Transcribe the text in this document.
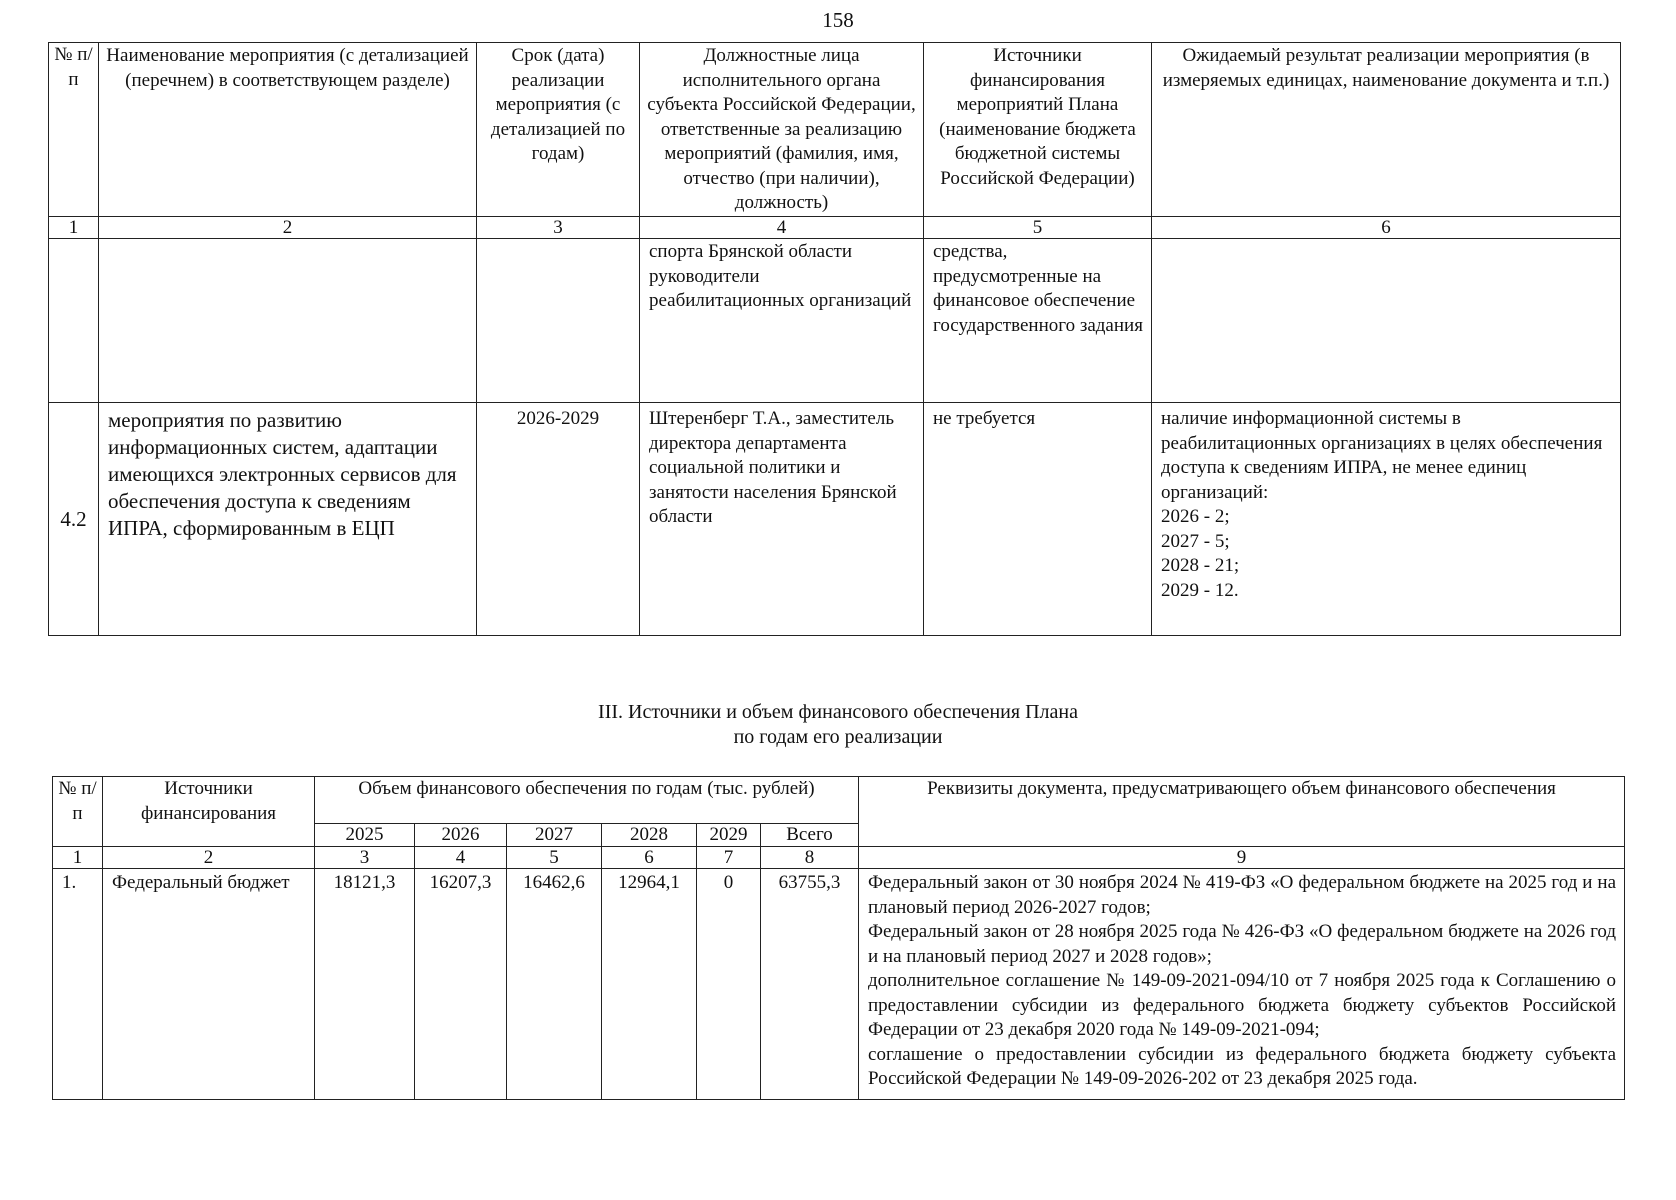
158
№ п/п	Наименование мероприятия (с детализацией (перечнем) в соответствующем разделе)	Срок (дата) реализации мероприятия (с детализацией по годам)	Должностные лица исполнительного органа субъекта Российской Федерации, ответственные за реализацию мероприятий (фамилия, имя, отчество (при наличии), должность)	Источники финансирования мероприятий Плана (наименование бюджета бюджетной системы Российской Федерации)	Ожидаемый результат реализации мероприятия (в измеряемых единицах, наименование документа и т.п.)
1	2	3	4	5	6
			спорта Брянской области руководители реабилитационных организаций	средства, предусмотренные на финансовое обеспечение государственного задания	
4.2	мероприятия по развитию информационных систем, адаптации имеющихся электронных сервисов для обеспечения доступа к сведениям ИПРА, сформированным в ЕЦП	2026-2029	Штеренберг Т.А., заместитель директора департамента социальной политики и занятости населения Брянской области	не требуется	наличие информационной системы в реабилитационных организациях в целях обеспечения доступа к сведениям ИПРА, не менее единиц организаций:
2026 - 2;
2027 - 5;
2028 - 21;
2029 - 12.
III. Источники и объем финансового обеспечения Плана
по годам его реализации
№ п/п	Источники финансирования	Объем финансового обеспечения по годам (тыс. рублей)						Реквизиты документа, предусматривающего объем финансового обеспечения
		2025	2026	2027	2028	2029	Всего	
1	2	3	4	5	6	7	8	9
1.	Федеральный бюджет	18121,3	16207,3	16462,6	12964,1	0	63755,3	Федеральный закон от 30 ноября 2024 № 419-ФЗ «О федеральном бюджете на 2025 год и на плановый период 2026-2027 годов;
Федеральный закон от 28 ноября 2025 года № 426-ФЗ «О федеральном бюджете на 2026 год и на плановый период 2027 и 2028 годов»;
дополнительное соглашение № 149-09-2021-094/10 от 7 ноября 2025 года к Соглашению о предоставлении субсидии из федерального бюджета бюджету субъектов Российской Федерации от 23 декабря 2020 года № 149-09-2021-094;
соглашение о предоставлении субсидии из федерального бюджета бюджету субъекта Российской Федерации № 149-09-2026-202 от 23 декабря 2025 года.
